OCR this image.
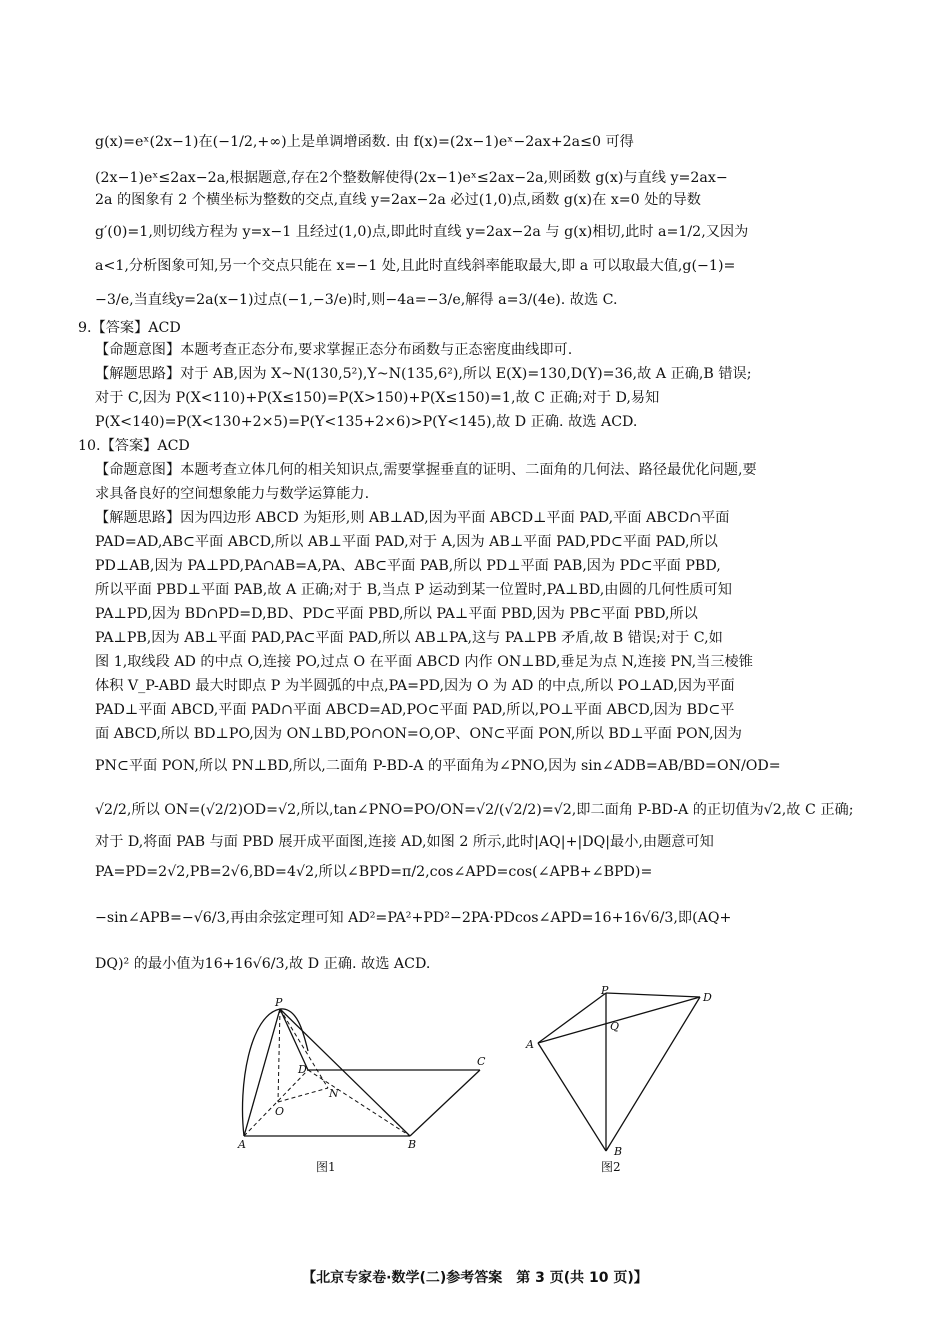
g(x)=eˣ(2x−1)在(−1/2,+∞)上是单调增函数. 由 f(x)=(2x−1)eˣ−2ax+2a≤0 可得
(2x−1)eˣ≤2ax−2a,根据题意,存在2个整数解使得(2x−1)eˣ≤2ax−2a,则函数 g(x)与直线 y=2ax−
2a 的图象有 2 个横坐标为整数的交点,直线 y=2ax−2a 必过(1,0)点,函数 g(x)在 x=0 处的导数
g′(0)=1,则切线方程为 y=x−1 且经过(1,0)点,即此时直线 y=2ax−2a 与 g(x)相切,此时 a=1/2,又因为
a<1,分析图象可知,另一个交点只能在 x=−1 处,且此时直线斜率能取最大,即 a 可以取最大值,g(−1)=
−3/e,当直线y=2a(x−1)过点(−1,−3/e)时,则−4a=−3/e,解得 a=3/(4e). 故选 C.
9.【答案】ACD
【命题意图】本题考查正态分布,要求掌握正态分布函数与正态密度曲线即可.
【解题思路】对于 AB,因为 X~N(130,5²),Y~N(135,6²),所以 E(X)=130,D(Y)=36,故 A 正确,B 错误;
对于 C,因为 P(X<110)+P(X≤150)=P(X>150)+P(X≤150)=1,故 C 正确;对于 D,易知
P(X<140)=P(X<130+2×5)=P(Y<135+2×6)>P(Y<145),故 D 正确. 故选 ACD.
10.【答案】ACD
【命题意图】本题考查立体几何的相关知识点,需要掌握垂直的证明、二面角的几何法、路径最优化问题,要
求具备良好的空间想象能力与数学运算能力.
【解题思路】因为四边形 ABCD 为矩形,则 AB⊥AD,因为平面 ABCD⊥平面 PAD,平面 ABCD∩平面
PAD=AD,AB⊂平面 ABCD,所以 AB⊥平面 PAD,对于 A,因为 AB⊥平面 PAD,PD⊂平面 PAD,所以
PD⊥AB,因为 PA⊥PD,PA∩AB=A,PA、AB⊂平面 PAB,所以 PD⊥平面 PAB,因为 PD⊂平面 PBD,
所以平面 PBD⊥平面 PAB,故 A 正确;对于 B,当点 P 运动到某一位置时,PA⊥BD,由圆的几何性质可知
PA⊥PD,因为 BD∩PD=D,BD、PD⊂平面 PBD,所以 PA⊥平面 PBD,因为 PB⊂平面 PBD,所以
PA⊥PB,因为 AB⊥平面 PAD,PA⊂平面 PAD,所以 AB⊥PA,这与 PA⊥PB 矛盾,故 B 错误;对于 C,如
图 1,取线段 AD 的中点 O,连接 PO,过点 O 在平面 ABCD 内作 ON⊥BD,垂足为点 N,连接 PN,当三棱锥
体积 V_P-ABD 最大时即点 P 为半圆弧的中点,PA=PD,因为 O 为 AD 的中点,所以 PO⊥AD,因为平面
PAD⊥平面 ABCD,平面 PAD∩平面 ABCD=AD,PO⊂平面 PAD,所以,PO⊥平面 ABCD,因为 BD⊂平
面 ABCD,所以 BD⊥PO,因为 ON⊥BD,PO∩ON=O,OP、ON⊂平面 PON,所以 BD⊥平面 PON,因为
PN⊂平面 PON,所以 PN⊥BD,所以,二面角 P-BD-A 的平面角为∠PNO,因为 sin∠ADB=AB/BD=ON/OD=
√2/2,所以 ON=(√2/2)OD=√2,所以,tan∠PNO=PO/ON=√2/(√2/2)=√2,即二面角 P-BD-A 的正切值为√2,故 C 正确;
对于 D,将面 PAB 与面 PBD 展开成平面图,连接 AD,如图 2 所示,此时|AQ|+|DQ|最小,由题意可知
PA=PD=2√2,PB=2√6,BD=4√2,所以∠BPD=π/2,cos∠APD=cos(∠APB+∠BPD)=
−sin∠APB=−√6/3,再由余弦定理可知 AD²=PA²+PD²−2PA·PDcos∠APD=16+16√6/3,即(AQ+
DQ)² 的最小值为16+16√6/3,故 D 正确. 故选 ACD.
P
A	B
C
D
O
N
图1
P
D
A
Q
B
图2
【北京专家卷·数学(二)参考答案　第 3 页(共 10 页)】
